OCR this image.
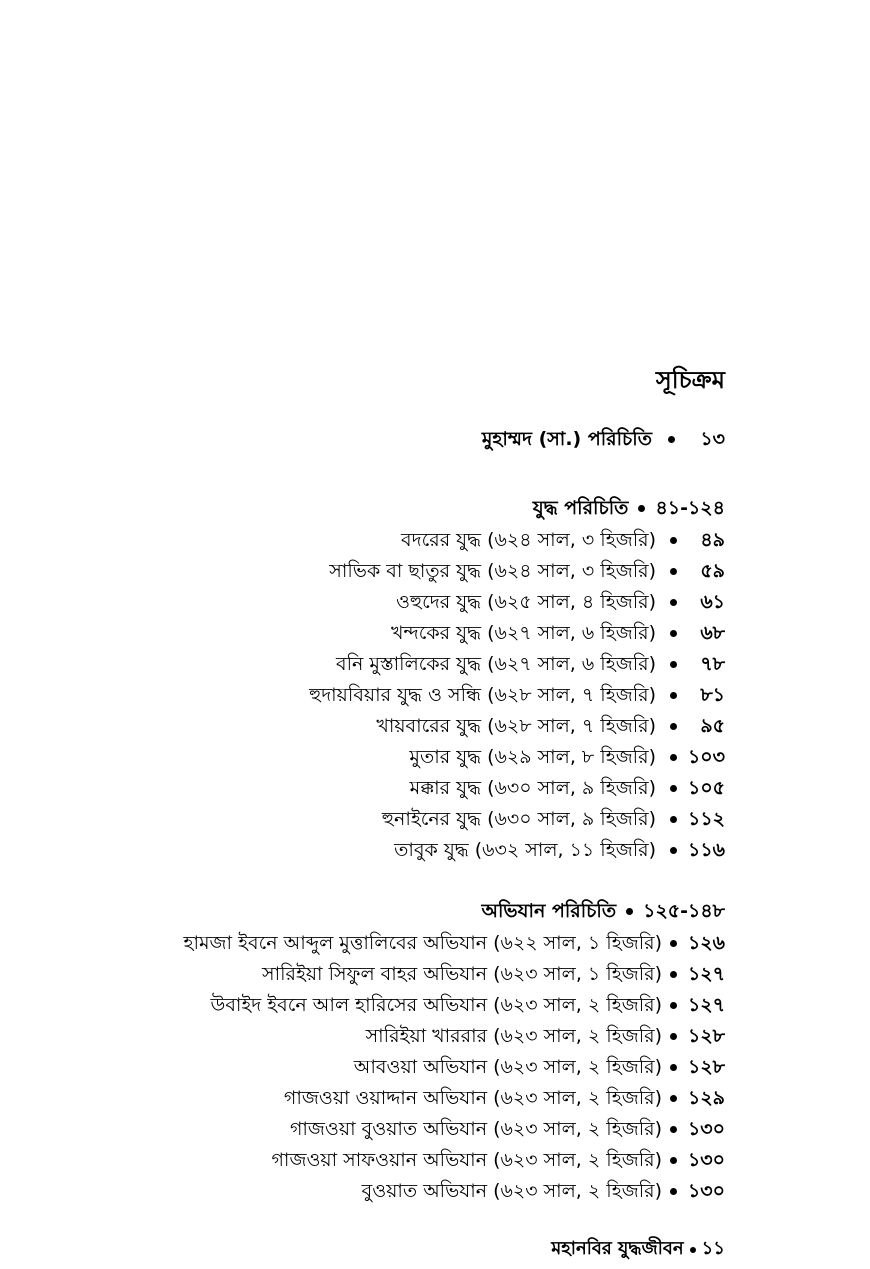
সূচিক্রম
মুহাম্মদ (সা.) পরিচিতি	১৩
যুদ্ধ পরিচিতি ৪১-১২৪
বদরের যুদ্ধ (৬২৪ সাল, ৩ হিজরি)	৪৯
সাভিক বা ছাতুর যুদ্ধ (৬২৪ সাল, ৩ হিজরি)	৫৯
ওহুদের যুদ্ধ (৬২৫ সাল, ৪ হিজরি)	৬১
খন্দকের যুদ্ধ (৬২৭ সাল, ৬ হিজরি)	৬৮
বনি মুস্তালিকের যুদ্ধ (৬২৭ সাল, ৬ হিজরি)	৭৮
হুদায়বিয়ার যুদ্ধ ও সন্ধি (৬২৮ সাল, ৭ হিজরি)	৮১
খায়বারের যুদ্ধ (৬২৮ সাল, ৭ হিজরি)	৯৫
মুতার যুদ্ধ (৬২৯ সাল, ৮ হিজরি)	১০৩
মক্কার যুদ্ধ (৬৩০ সাল, ৯ হিজরি)	১০৫
হুনাইনের যুদ্ধ (৬৩০ সাল, ৯ হিজরি)	১১২
তাবুক যুদ্ধ (৬৩২ সাল, ১১ হিজরি)	১১৬
অভিযান পরিচিতি ১২৫-১৪৮
হামজা ইবনে আব্দুল মুত্তালিবের অভিযান (৬২২ সাল, ১ হিজরি)	১২৬
সারিইয়া সিফুল বাহর অভিযান (৬২৩ সাল, ১ হিজরি)	১২৭
উবাইদ ইবনে আল হারিসের অভিযান (৬২৩ সাল, ২ হিজরি)	১২৭
সারিইয়া খাররার (৬২৩ সাল, ২ হিজরি)	১২৮
আবওয়া অভিযান (৬২৩ সাল, ২ হিজরি)	১২৮
গাজওয়া ওয়াদ্দান অভিযান (৬২৩ সাল, ২ হিজরি)	১২৯
গাজওয়া বুওয়াত অভিযান (৬২৩ সাল, ২ হিজরি)	১৩০
গাজওয়া সাফওয়ান অভিযান (৬২৩ সাল, ২ হিজরি)	১৩০
বুওয়াত অভিযান (৬২৩ সাল, ২ হিজরি)	১৩০
মহানবির যুদ্ধজীবন ১১
